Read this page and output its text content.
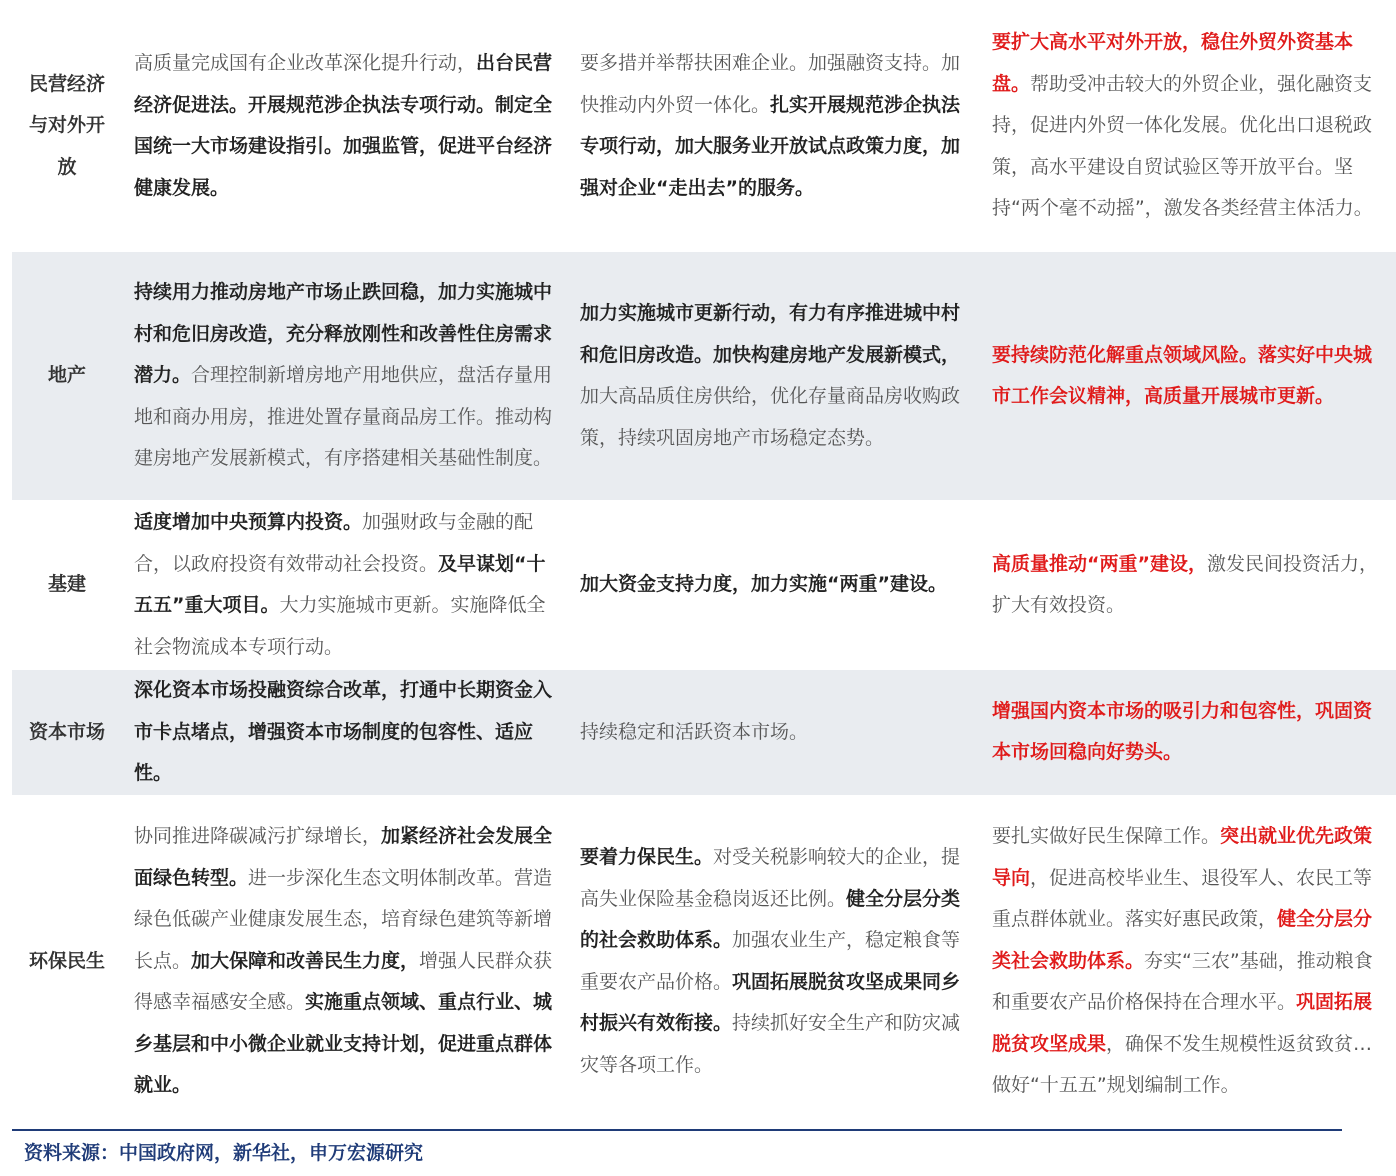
民营经济与对外开放	高质量完成国有企业改革深化提升行动，出台民营经济促进法。开展规范涉企执法专项行动。制定全国统一大市场建设指引。加强监管，促进平台经济健康发展。	要多措并举帮扶困难企业。加强融资支持。加快推动内外贸一体化。扎实开展规范涉企执法专项行动，加大服务业开放试点政策力度，加强对企业“走出去”的服务。	要扩大高水平对外开放，稳住外贸外资基本盘。帮助受冲击较大的外贸企业，强化融资支持，促进内外贸一体化发展。优化出口退税政策，高水平建设自贸试验区等开放平台。坚持“两个毫不动摇”，激发各类经营主体活力。
地产	持续用力推动房地产市场止跌回稳，加力实施城中村和危旧房改造，充分释放刚性和改善性住房需求潜力。合理控制新增房地产用地供应，盘活存量用地和商办用房，推进处置存量商品房工作。推动构建房地产发展新模式，有序搭建相关基础性制度。	加力实施城市更新行动，有力有序推进城中村和危旧房改造。加快构建房地产发展新模式，加大高品质住房供给，优化存量商品房收购政策，持续巩固房地产市场稳定态势。	要持续防范化解重点领域风险。落实好中央城市工作会议精神，高质量开展城市更新。
基建	适度增加中央预算内投资。加强财政与金融的配合，以政府投资有效带动社会投资。及早谋划“十五五”重大项目。大力实施城市更新。实施降低全社会物流成本专项行动。	加大资金支持力度，加力实施“两重”建设。	高质量推动“两重”建设，激发民间投资活力，扩大有效投资。
资本市场	深化资本市场投融资综合改革，打通中长期资金入市卡点堵点，增强资本市场制度的包容性、适应性。	持续稳定和活跃资本市场。	增强国内资本市场的吸引力和包容性，巩固资本市场回稳向好势头。
环保民生	协同推进降碳减污扩绿增长，加紧经济社会发展全面绿色转型。进一步深化生态文明体制改革。营造绿色低碳产业健康发展生态，培育绿色建筑等新增长点。加大保障和改善民生力度，增强人民群众获得感幸福感安全感。实施重点领域、重点行业、城乡基层和中小微企业就业支持计划，促进重点群体就业。	要着力保民生。对受关税影响较大的企业，提高失业保险基金稳岗返还比例。健全分层分类的社会救助体系。加强农业生产，稳定粮食等重要农产品价格。巩固拓展脱贫攻坚成果同乡村振兴有效衔接。持续抓好安全生产和防灾减灾等各项工作。	要扎实做好民生保障工作。突出就业优先政策导向，促进高校毕业生、退役军人、农民工等重点群体就业。落实好惠民政策，健全分层分类社会救助体系。夯实“三农”基础，推动粮食和重要农产品价格保持在合理水平。巩固拓展脱贫攻坚成果，确保不发生规模性返贫致贫…做好“十五五”规划编制工作。
资料来源：中国政府网，新华社，申万宏源研究
